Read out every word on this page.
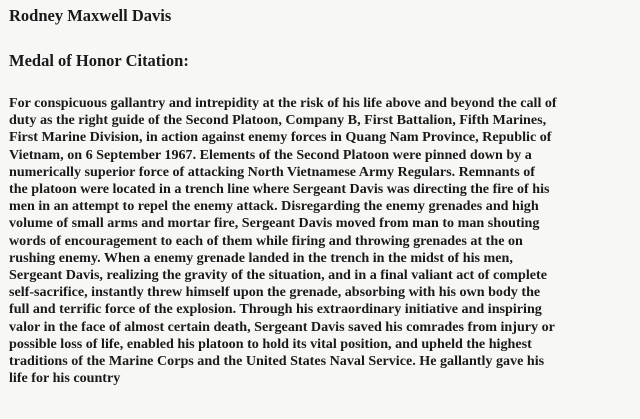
Rodney Maxwell Davis
Medal of Honor Citation:

For conspicuous gallantry and intrepidity at the risk of his life above and beyond the call of
duty as the right guide of the Second Platoon, Company B, First Battalion, Fifth Marines,
First Marine Division, in action against enemy forces in Quang Nam Province, Republic of
Vietnam, on 6 September 1967. Elements of the Second Platoon were pinned down by a
numerically superior force of attacking North Vietnamese Army Regulars. Remnants of
the platoon were located in a trench line where Sergeant Davis was directing the fire of his
men in an attempt to repel the enemy attack. Disregarding the enemy grenades and high
volume of small arms and mortar fire, Sergeant Davis moved from man to man shouting
words of encouragement to each of them while firing and throwing grenades at the on
rushing enemy. When a enemy grenade landed in the trench in the midst of his men,
Sergeant Davis, realizing the gravity of the situation, and in a final valiant act of complete
self-sacrifice, instantly threw himself upon the grenade, absorbing with his own body the
full and terrific force of the explosion. Through his extraordinary initiative and inspiring
valor in the face of almost certain death, Sergeant Davis saved his comrades from injury or
possible loss of life, enabled his platoon to hold its vital position, and upheld the highest
traditions of the Marine Corps and the United States Naval Service. He gallantly gave his
life for his country
